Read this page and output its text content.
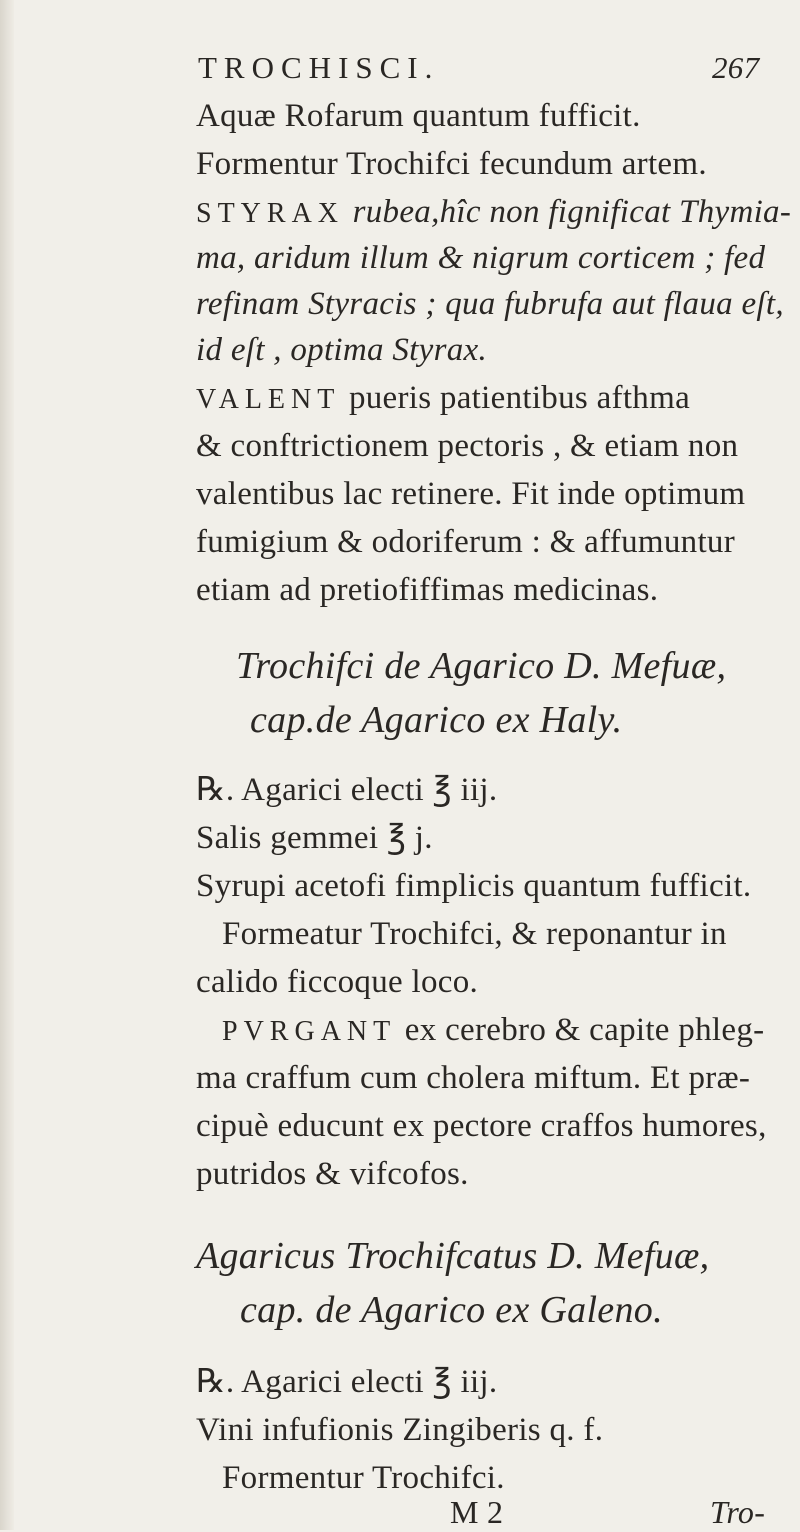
TROCHISCI.	267
Aquæ Rofarum quantum fufficit.
Formentur Trochifci fecundum artem.
STYRAX rubea,hîc non fignificat Thymia-
ma, aridum illum & nigrum corticem ; fed
refinam Styracis ; qua fubrufa aut flaua eſt,
id eſt , optima Styrax.
VALENT pueris patientibus afthma
& conftrictionem pectoris , & etiam non
valentibus lac retinere. Fit inde optimum
fumigium & odoriferum : & affumuntur
etiam ad pretiofiffimas medicinas.
Trochifci de Agarico D. Mefuæ,
cap.de Agarico ex Haly.
℞. Agarici electi ℥ iij.
Salis gemmei ℥ j.
Syrupi acetofi fimplicis quantum fufficit.
Formeatur Trochifci, & reponantur in
calido ficcoque loco.
PVRGANT ex cerebro & capite phleg-
ma craffum cum cholera miftum. Et præ-
cipuè educunt ex pectore craffos humores,
putridos & vifcofos.
Agaricus Trochifcatus D. Mefuæ,
cap. de Agarico ex Galeno.
℞. Agarici electi ℥ iij.
Vini infufionis Zingiberis q. f.
Formentur Trochifci.
M 2	Tro-
